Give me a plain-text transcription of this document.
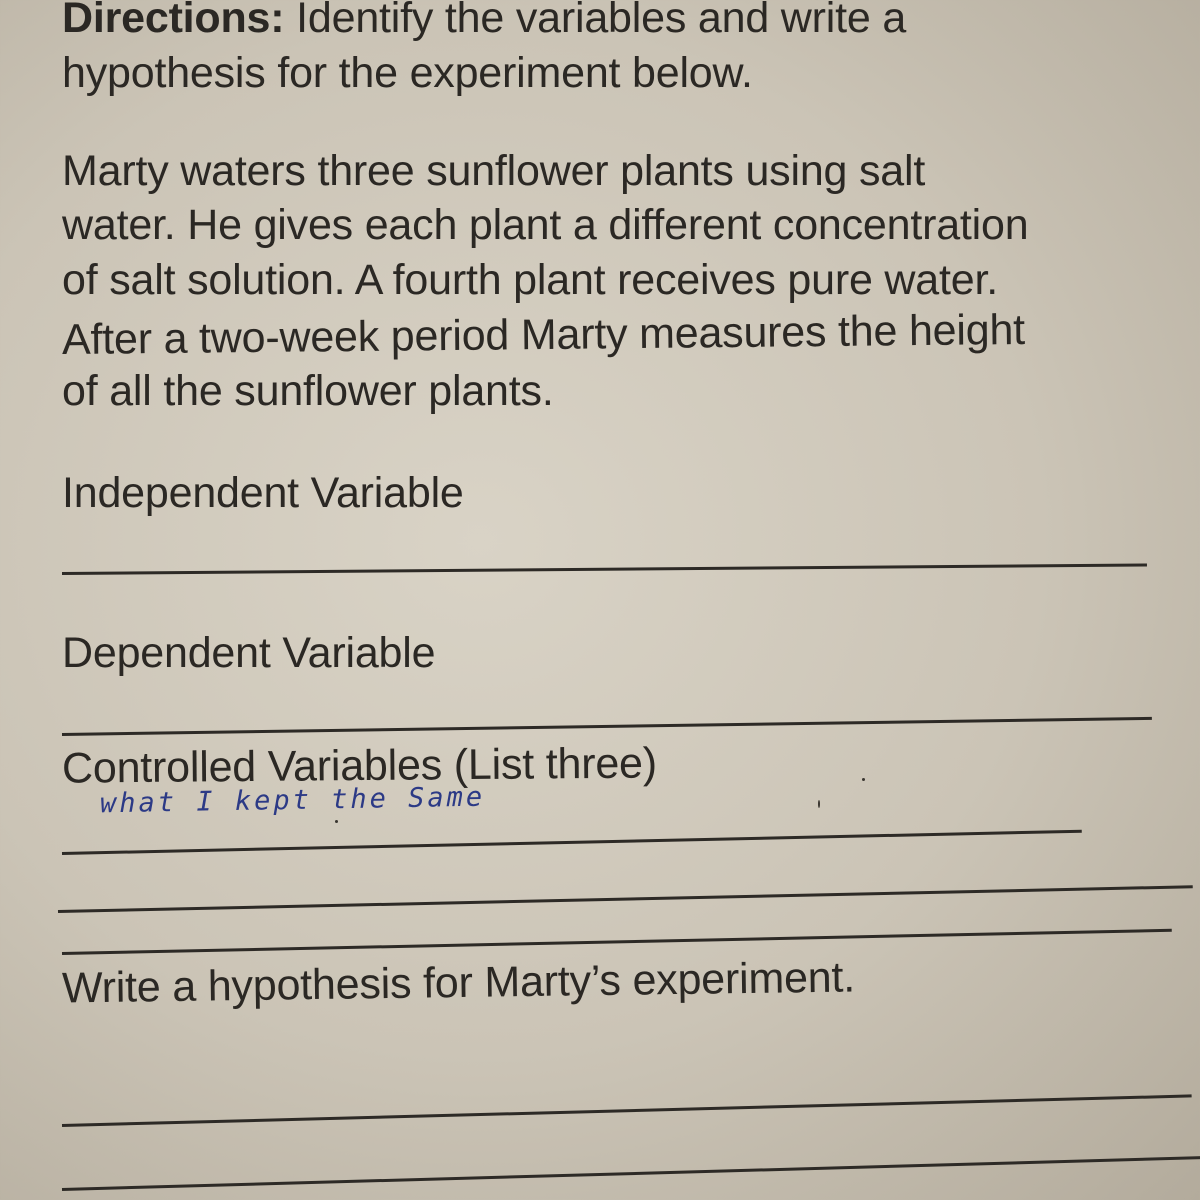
Directions: Identify the variables and write a
hypothesis for the experiment below.
Marty waters three sunflower plants using salt
water. He gives each plant a different concentration
of salt solution. A fourth plant receives pure water.
After a two-week period Marty measures the height
of all the sunflower plants.
Independent Variable
Dependent Variable
Controlled Variables (List three)
what I kept the Same
Write a hypothesis for Marty’s experiment.
